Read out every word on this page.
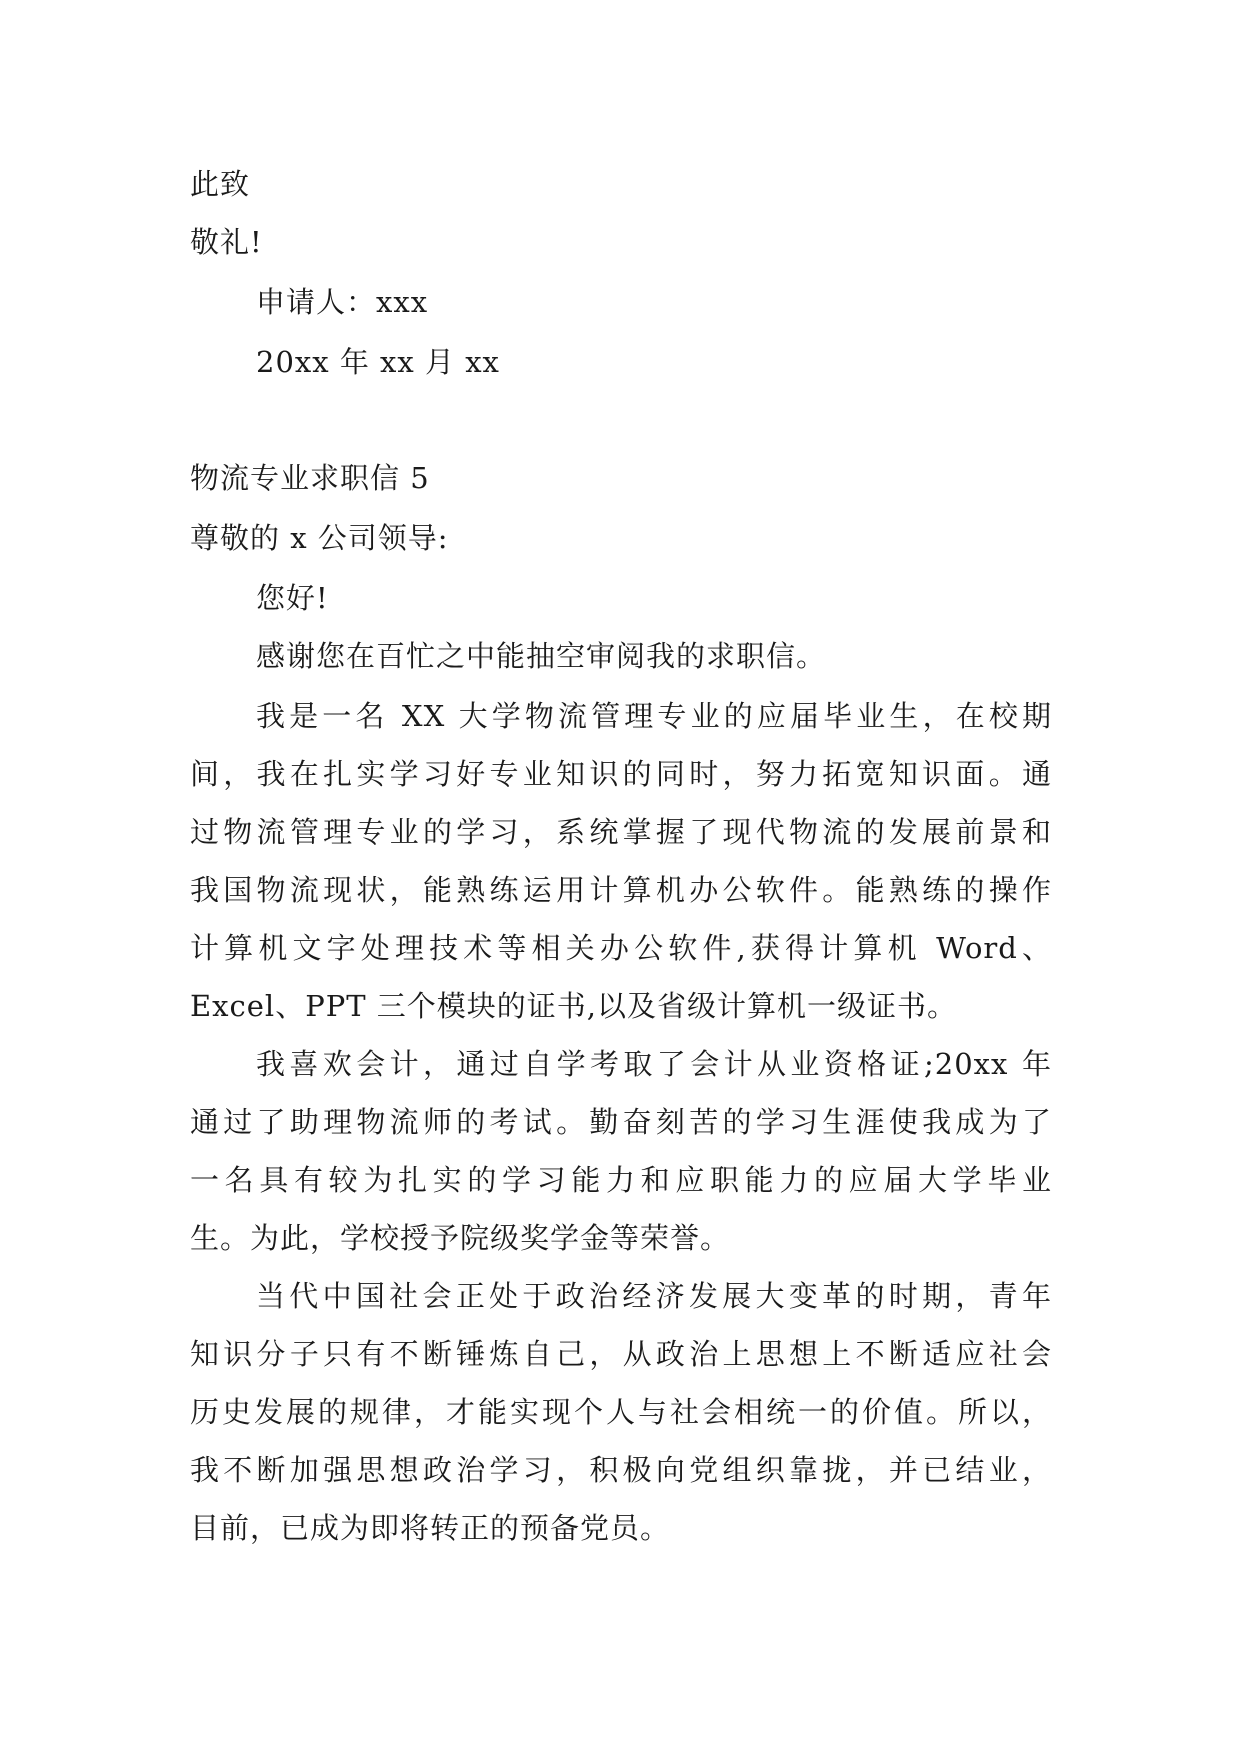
此致
敬礼!
申请人：xxx
20xx 年 xx 月 xx
物流专业求职信 5
尊敬的 x 公司领导:
您好!
感谢您在百忙之中能抽空审阅我的求职信。
我是一名 XX 大学物流管理专业的应届毕业生，在校期
间，我在扎实学习好专业知识的同时，努力拓宽知识面。通
过物流管理专业的学习，系统掌握了现代物流的发展前景和
我国物流现状，能熟练运用计算机办公软件。能熟练的操作
计算机文字处理技术等相关办公软件,获得计算机 Word、
Excel、PPT 三个模块的证书,以及省级计算机一级证书。
我喜欢会计，通过自学考取了会计从业资格证;20xx 年
通过了助理物流师的考试。勤奋刻苦的学习生涯使我成为了
一名具有较为扎实的学习能力和应职能力的应届大学毕业
生。为此，学校授予院级奖学金等荣誉。
当代中国社会正处于政治经济发展大变革的时期，青年
知识分子只有不断锤炼自己，从政治上思想上不断适应社会
历史发展的规律，才能实现个人与社会相统一的价值。所以，
我不断加强思想政治学习，积极向党组织靠拢，并已结业，
目前，已成为即将转正的预备党员。
